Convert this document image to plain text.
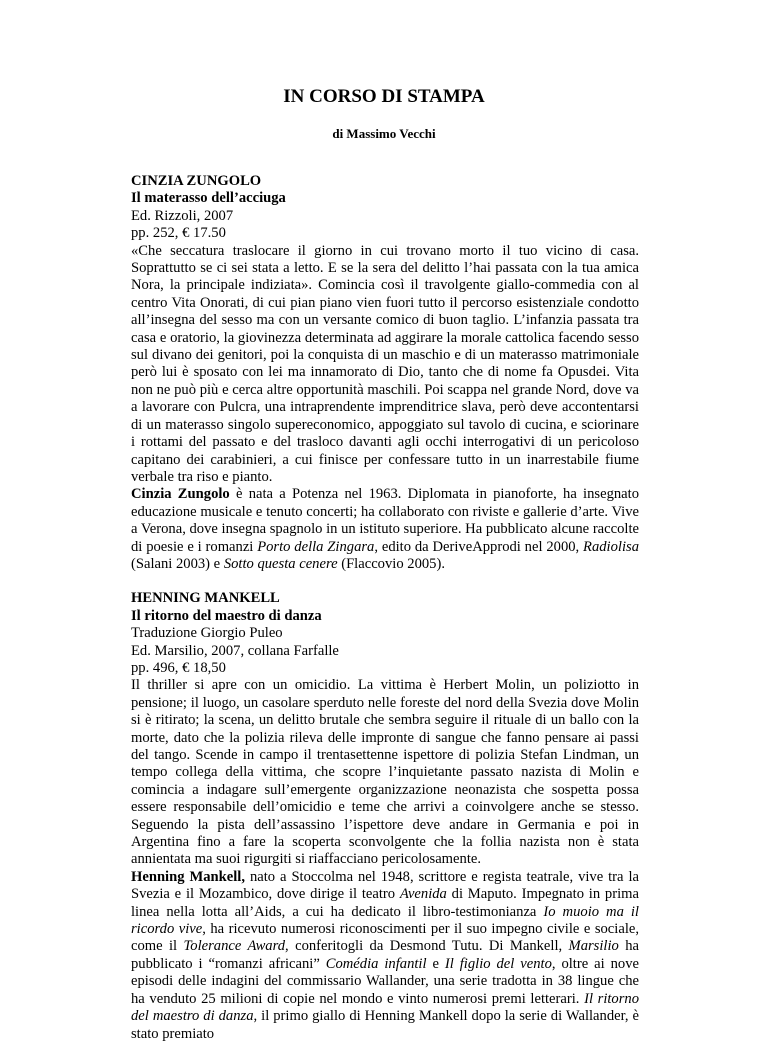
IN CORSO DI STAMPA
di Massimo Vecchi
CINZIA ZUNGOLO
Il materasso dell’acciuga
Ed. Rizzoli, 2007
pp. 252, € 17.50

«Che seccatura traslocare il giorno in cui trovano morto il tuo vicino di casa. Soprattutto se ci sei stata a letto. E se la sera del delitto l’hai passata con la tua amica Nora, la principale indiziata». Comincia così il travolgente giallo-commedia con al centro Vita Onorati, di cui pian piano vien fuori tutto il percorso esistenziale condotto all’insegna del sesso ma con un versante comico di buon taglio. L’infanzia passata tra casa e oratorio, la giovinezza determinata ad aggirare la morale cattolica facendo sesso sul divano dei genitori, poi la conquista di un maschio e di un materasso matrimoniale però lui è sposato con lei ma innamorato di Dio, tanto che di nome fa Opusdei. Vita non ne può più e cerca altre opportunità maschili. Poi scappa nel grande Nord, dove va a lavorare con Pulcra, una intraprendente imprenditrice slava, però deve accontentarsi di un materasso singolo supereconomico, appoggiato sul tavolo di cucina, e sciorinare i rottami del passato e del trasloco davanti agli occhi interrogativi di un pericoloso capitano dei carabinieri, a cui finisce per confessare tutto in un inarrestabile fiume verbale tra riso e pianto.

Cinzia Zungolo è nata a Potenza nel 1963. Diplomata in pianoforte, ha insegnato educazione musicale e tenuto concerti; ha collaborato con riviste e gallerie d’arte. Vive a Verona, dove insegna spagnolo in un istituto superiore. Ha pubblicato alcune raccolte di poesie e i romanzi Porto della Zingara, edito da DeriveApprodi nel 2000, Radiolisa (Salani 2003) e Sotto questa cenere (Flaccovio 2005).

HENNING MANKELL
Il ritorno del maestro di danza
Traduzione Giorgio Puleo
Ed. Marsilio, 2007, collana Farfalle
pp. 496, € 18,50

Il thriller si apre con un omicidio. La vittima è Herbert Molin, un poliziotto in pensione; il luogo, un casolare sperduto nelle foreste del nord della Svezia dove Molin si è ritirato; la scena, un delitto brutale che sembra seguire il rituale di un ballo con la morte, dato che la polizia rileva delle impronte di sangue che fanno pensare ai passi del tango. Scende in campo il trentasettenne ispettore di polizia Stefan Lindman, un tempo collega della vittima, che scopre l’inquietante passato nazista di Molin e comincia a indagare sull’emergente organizzazione neonazista che sospetta possa essere responsabile dell’omicidio e teme che arrivi a coinvolgere anche se stesso. Seguendo la pista dell’assassino l’ispettore deve andare in Germania e poi in Argentina fino a fare la scoperta sconvolgente che la follia nazista non è stata annientata ma suoi rigurgiti si riaffacciano pericolosamente.

Henning Mankell, nato a Stoccolma nel 1948, scrittore e regista teatrale, vive tra la Svezia e il Mozambico, dove dirige il teatro Avenida di Maputo. Impegnato in prima linea nella lotta all’Aids, a cui ha dedicato il libro-testimonianza Io muoio ma il ricordo vive, ha ricevuto numerosi riconoscimenti per il suo impegno civile e sociale, come il Tolerance Award, conferitogli da Desmond Tutu. Di Mankell, Marsilio ha pubblicato i “romanzi africani” Comédia infantil e Il figlio del vento, oltre ai nove episodi delle indagini del commissario Wallander, una serie tradotta in 38 lingue che ha venduto 25 milioni di copie nel mondo e vinto numerosi premi letterari. Il ritorno del maestro di danza, il primo giallo di Henning Mankell dopo la serie di Wallander, è stato premiato
